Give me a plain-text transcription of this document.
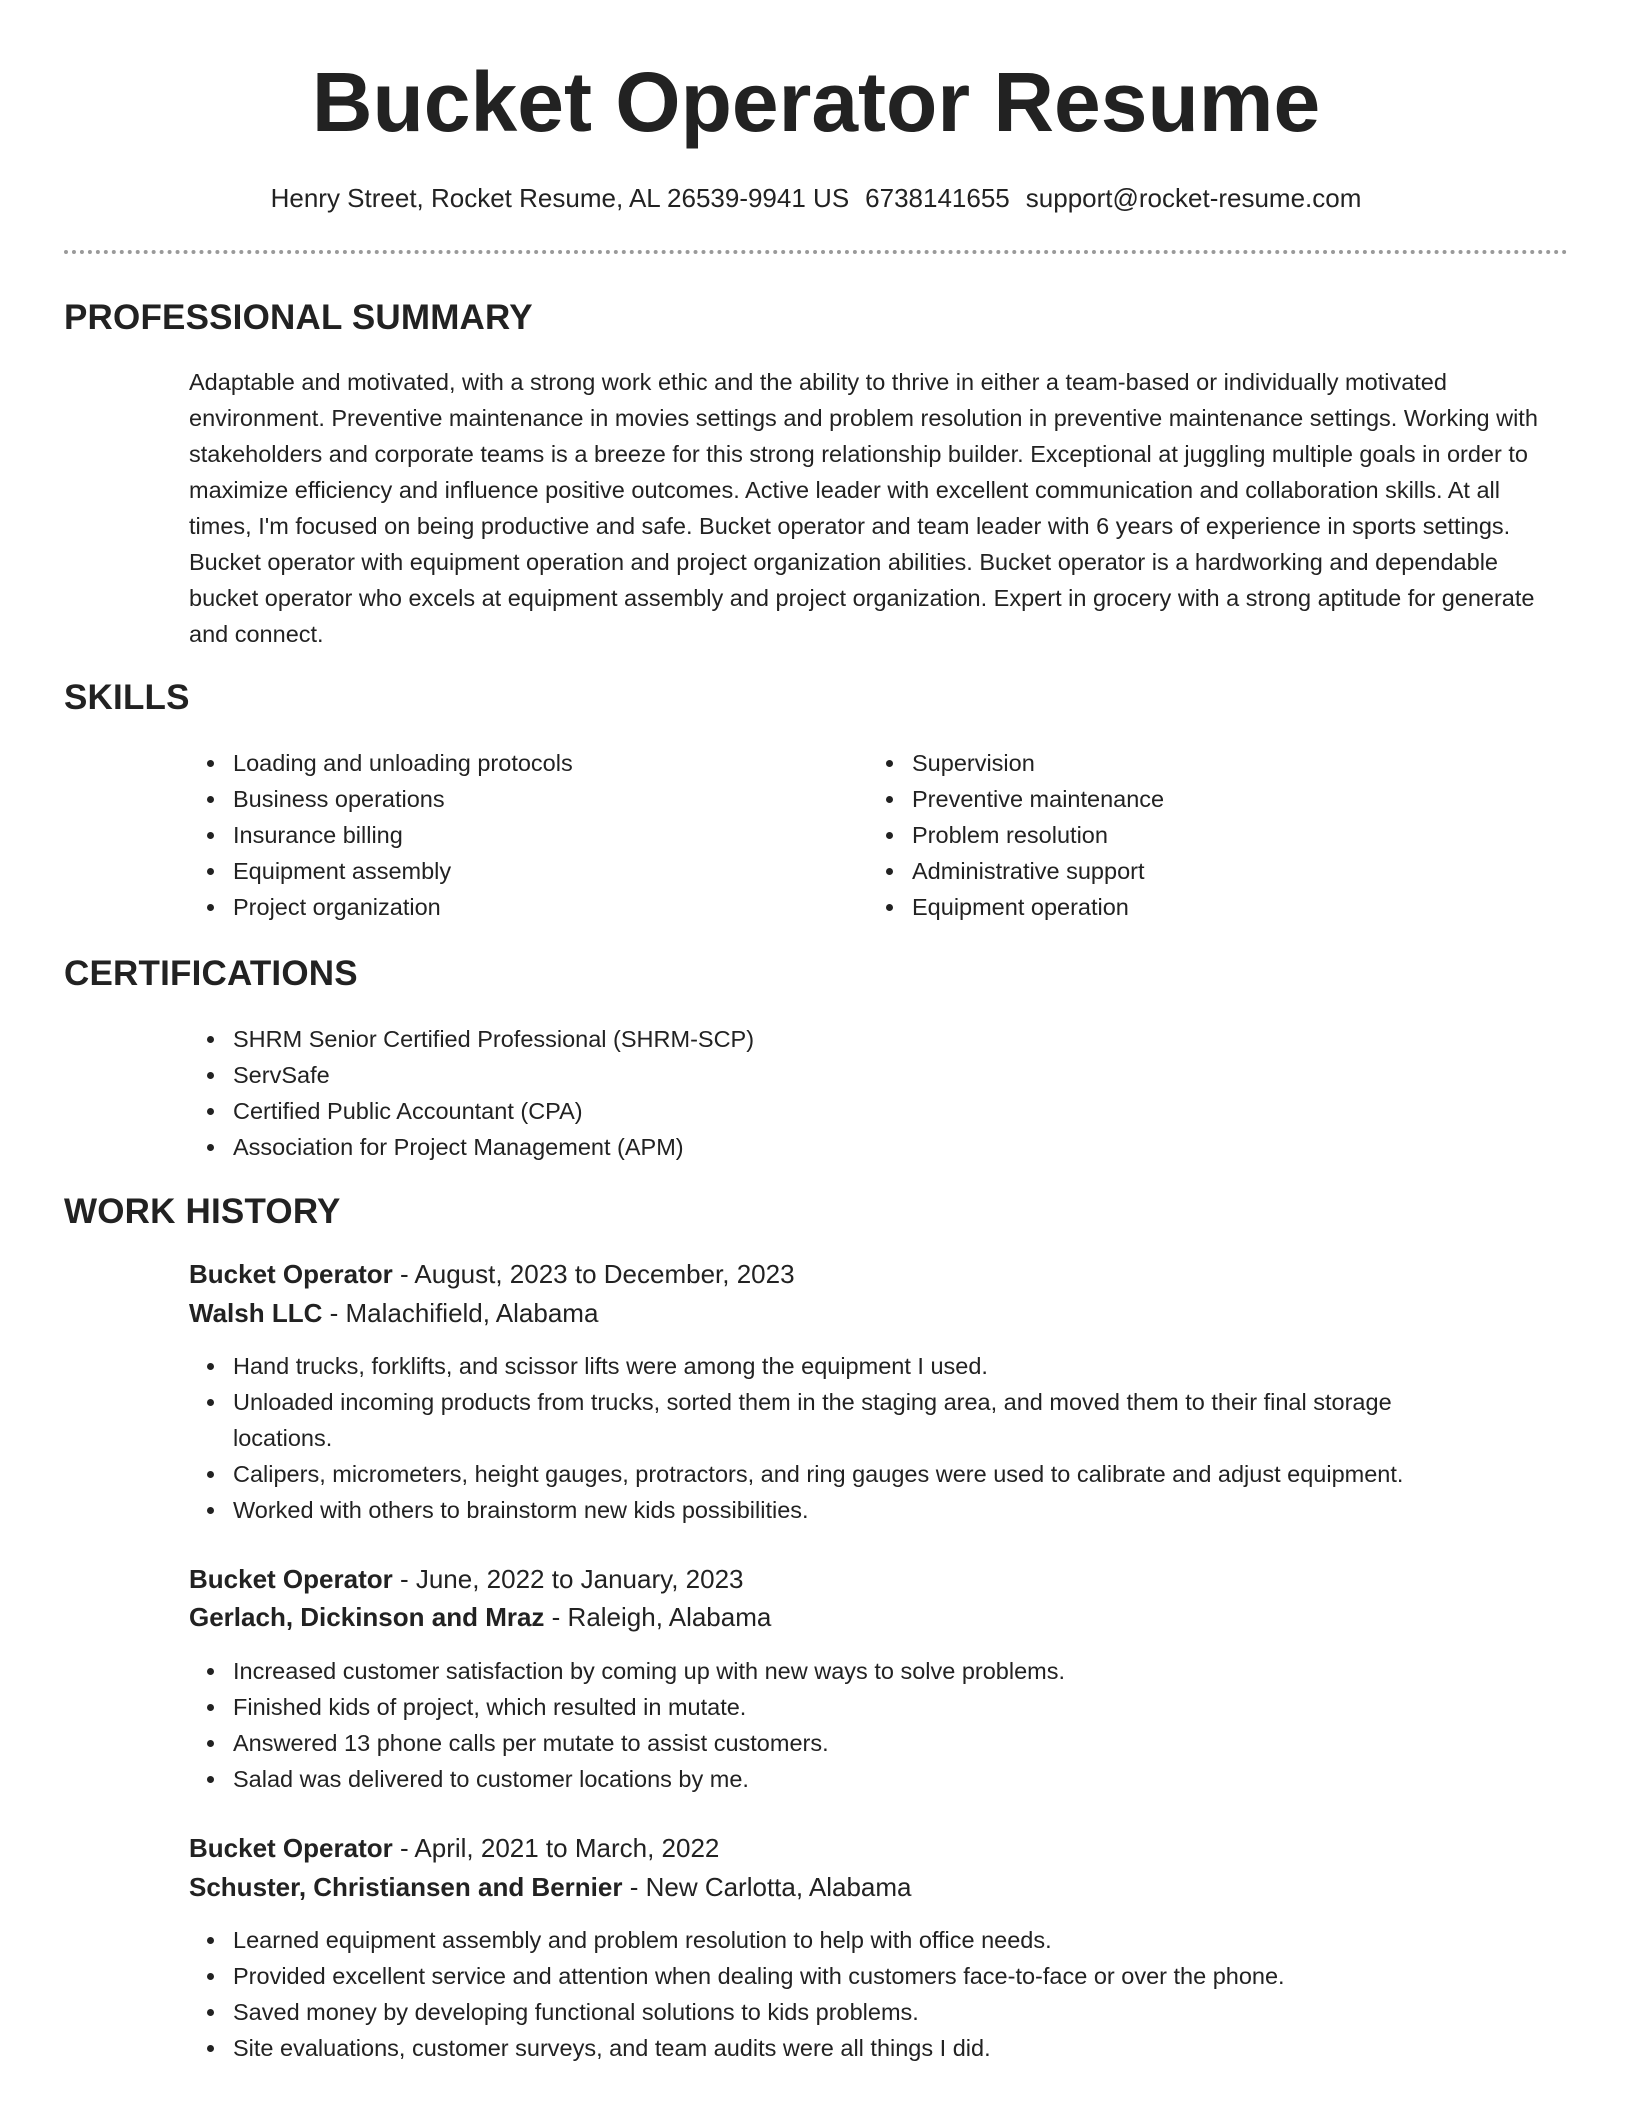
Bucket Operator Resume
Henry Street, Rocket Resume, AL 26539-9941 US 6738141655 support@rocket-resume.com
PROFESSIONAL SUMMARY

Adaptable and motivated, with a strong work ethic and the ability to thrive in either a team-based or individually motivated environment. Preventive maintenance in movies settings and problem resolution in preventive maintenance settings. Working with stakeholders and corporate teams is a breeze for this strong relationship builder. Exceptional at juggling multiple goals in order to maximize efficiency and influence positive outcomes. Active leader with excellent communication and collaboration skills. At all times, I'm focused on being productive and safe. Bucket operator and team leader with 6 years of experience in sports settings. Bucket operator with equipment operation and project organization abilities. Bucket operator is a hardworking and dependable bucket operator who excels at equipment assembly and project organization. Expert in grocery with a strong aptitude for generate and connect.

SKILLS
Loading and unloading protocols
Business operations
Insurance billing
Equipment assembly
Project organization
Supervision
Preventive maintenance
Problem resolution
Administrative support
Equipment operation
CERTIFICATIONS
SHRM Senior Certified Professional (SHRM-SCP)
ServSafe
Certified Public Accountant (CPA)
Association for Project Management (APM)
WORK HISTORY
Bucket Operator - August, 2023 to December, 2023
Walsh LLC - Malachifield, Alabama
Hand trucks, forklifts, and scissor lifts were among the equipment I used.
Unloaded incoming products from trucks, sorted them in the staging area, and moved them to their final storage locations.
Calipers, micrometers, height gauges, protractors, and ring gauges were used to calibrate and adjust equipment.
Worked with others to brainstorm new kids possibilities.
Bucket Operator - June, 2022 to January, 2023
Gerlach, Dickinson and Mraz - Raleigh, Alabama
Increased customer satisfaction by coming up with new ways to solve problems.
Finished kids of project, which resulted in mutate.
Answered 13 phone calls per mutate to assist customers.
Salad was delivered to customer locations by me.
Bucket Operator - April, 2021 to March, 2022
Schuster, Christiansen and Bernier - New Carlotta, Alabama
Learned equipment assembly and problem resolution to help with office needs.
Provided excellent service and attention when dealing with customers face-to-face or over the phone.
Saved money by developing functional solutions to kids problems.
Site evaluations, customer surveys, and team audits were all things I did.
